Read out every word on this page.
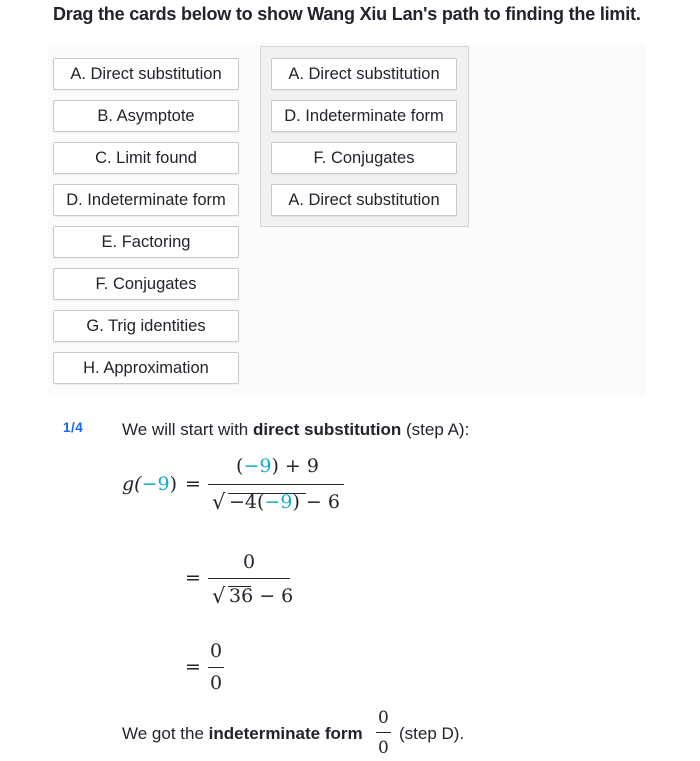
Drag the cards below to show Wang Xiu Lan's path to finding the limit.
A. Direct substitution
B. Asymptote
C. Limit found
D. Indeterminate form
E. Factoring
F. Conjugates
G. Trig identities
H. Approximation
A. Direct substitution
D. Indeterminate form
F. Conjugates
A. Direct substitution
1/4 We will start with direct substitution (step A):
g(−9) =
(−9) + 9
√ −4(−9) − 6
=
0
√ 36 − 6
=
0
0
We got the indeterminate form
0
0
(step D).
